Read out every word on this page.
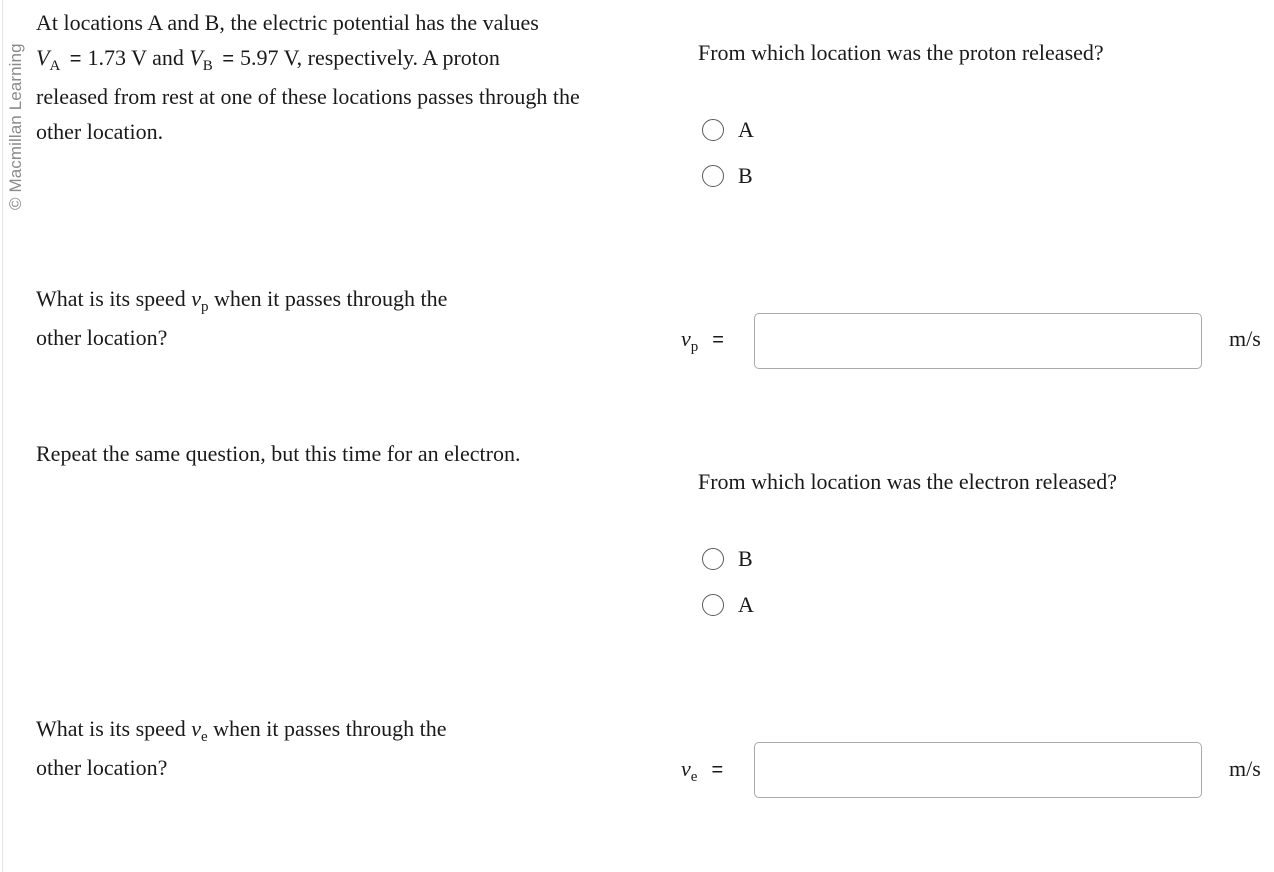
© Macmillan Learning
At locations A and B, the electric potential has the values
$V_A = 1.73$ V and $V_B = 5.97$ V, respectively. A proton
released from rest at one of these locations passes through the
other location.
From which location was the proton released?
A
B
What is its speed $v_p$ when it passes through the
other location?	$v_p$ =	m/s
Repeat the same question, but this time for an electron.
From which location was the electron released?
B
A
What is its speed $v_e$ when it passes through the
other location?	$v_e$ =	m/s
